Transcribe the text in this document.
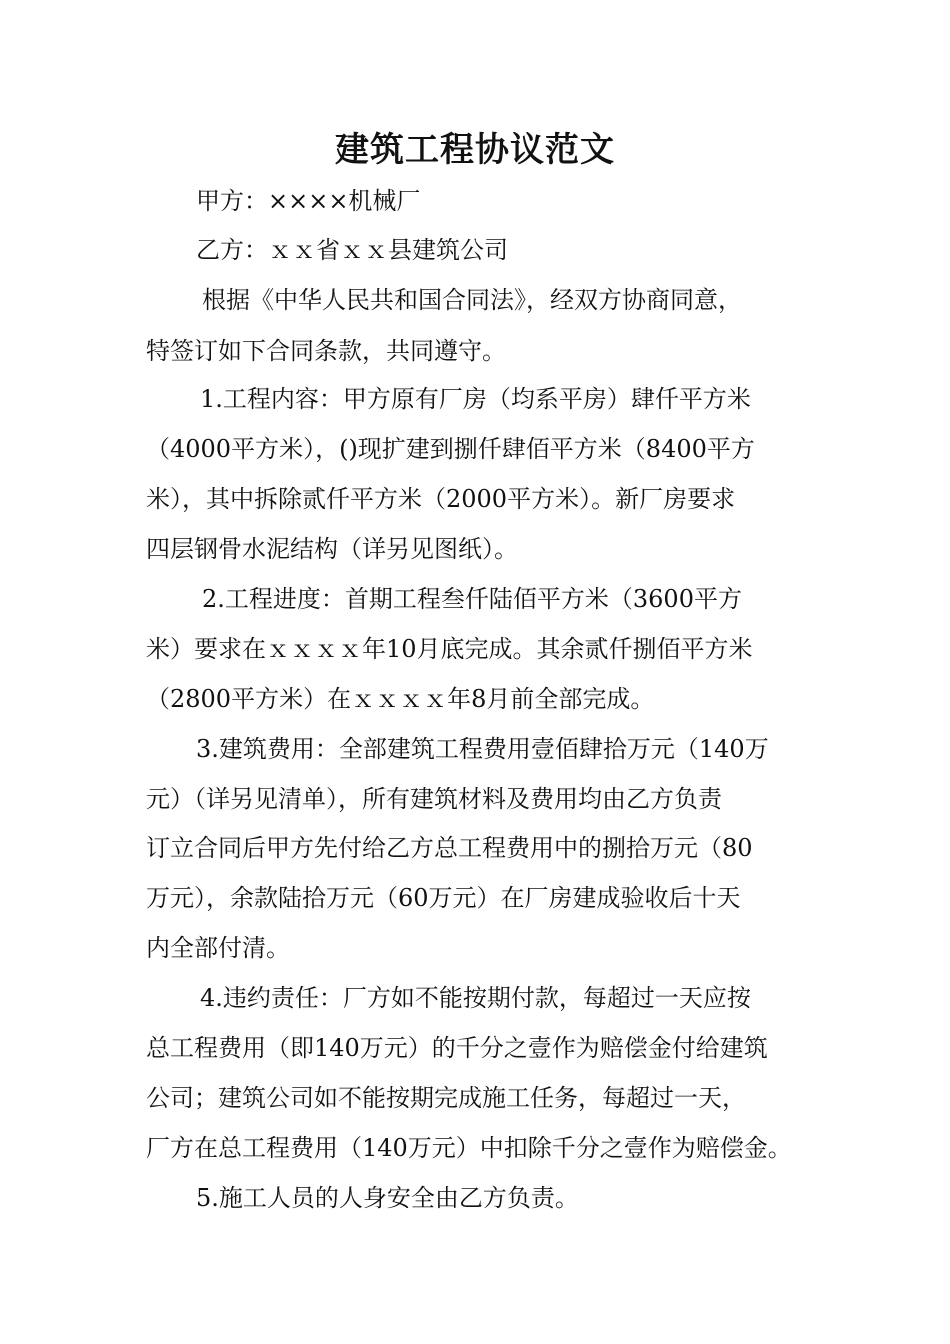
建筑工程协议范文
甲方：××××机械厂
乙方：ｘｘ省ｘｘ县建筑公司
根据《中华人民共和国合同法》，经双方协商同意，
特签订如下合同条款，共同遵守。
1.工程内容：甲方原有厂房（均系平房）肆仟平方米
（4000平方米），()现扩建到捌仟肆佰平方米（8400平方
米），其中拆除贰仟平方米（2000平方米）。新厂房要求
四层钢骨水泥结构（详另见图纸）。
2.工程进度：首期工程叁仟陆佰平方米（3600平方
米）要求在ｘｘｘｘ年10月底完成。其余贰仟捌佰平方米
（2800平方米）在ｘｘｘｘ年8月前全部完成。
3.建筑费用：全部建筑工程费用壹佰肆拾万元（140万
元）（详另见清单），所有建筑材料及费用均由乙方负责
订立合同后甲方先付给乙方总工程费用中的捌拾万元（80
万元），余款陆拾万元（60万元）在厂房建成验收后十天
内全部付清。
4.违约责任：厂方如不能按期付款，每超过一天应按
总工程费用（即140万元）的千分之壹作为赔偿金付给建筑
公司；建筑公司如不能按期完成施工任务，每超过一天，
厂方在总工程费用（140万元）中扣除千分之壹作为赔偿金。
5.施工人员的人身安全由乙方负责。
